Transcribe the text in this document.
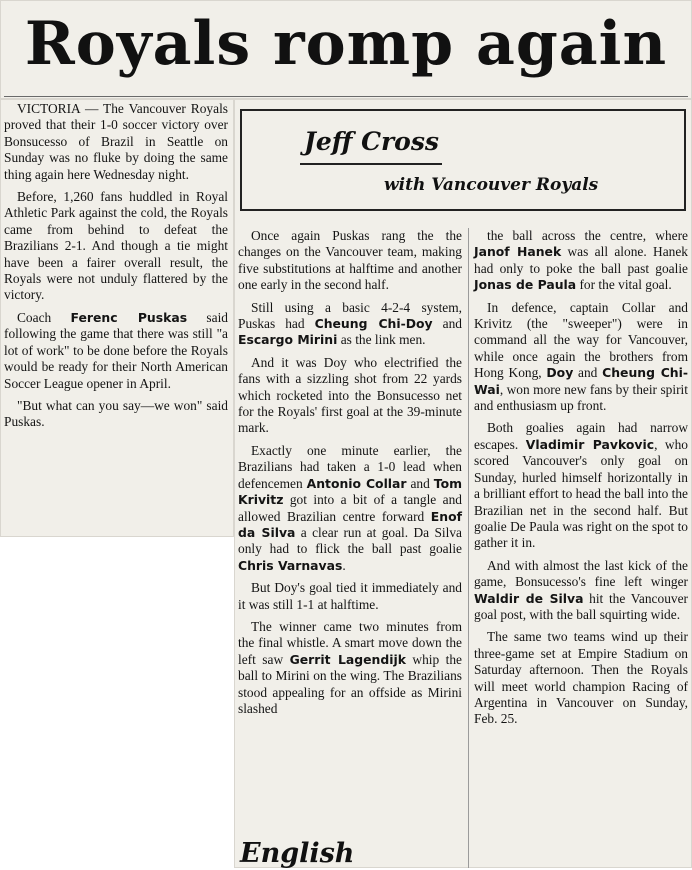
Royals romp again
Jeff Cross
with Vancouver Royals

VICTORIA — The Vancouver Royals proved that their 1-0 soccer victory over Bonsucesso of Brazil in Seattle on Sunday was no fluke by doing the same thing again here Wednesday night.

Before, 1,260 fans huddled in Royal Athletic Park against the cold, the Royals came from behind to defeat the Brazilians 2-1. And though a tie might have been a fairer overall result, the Royals were not unduly flattered by the victory.

Coach Ferenc Puskas said following the game that there was still "a lot of work" to be done before the Royals would be ready for their North American Soccer League opener in April.

"But what can you say—we won" said Puskas.

Once again Puskas rang the the changes on the Vancouver team, making five substitutions at halftime and another one early in the second half.

Still using a basic 4-2-4 system, Puskas had Cheung Chi-Doy and Escargo Mirini as the link men.

And it was Doy who electrified the fans with a sizzling shot from 22 yards which rocketed into the Bonsucesso net for the Royals' first goal at the 39-minute mark.

Exactly one minute earlier, the Brazilians had taken a 1-0 lead when defencemen Antonio Collar and Tom Krivitz got into a bit of a tangle and allowed Brazilian centre forward Enof da Silva a clear run at goal. Da Silva only had to flick the ball past goalie Chris Varnavas.

But Doy's goal tied it immediately and it was still 1-1 at halftime.

The winner came two minutes from the final whistle. A smart move down the left saw Gerrit Lagendijk whip the ball to Mirini on the wing. The Brazilians stood appealing for an offside as Mirini slashed

the ball across the centre, where Janof Hanek was all alone. Hanek had only to poke the ball past goalie Jonas de Paula for the vital goal.

In defence, captain Collar and Krivitz (the "sweeper") were in command all the way for Vancouver, while once again the brothers from Hong Kong, Doy and Cheung Chi-Wai, won more new fans by their spirit and enthusiasm up front.

Both goalies again had narrow escapes. Vladimir Pavkovic, who scored Vancouver's only goal on Sunday, hurled himself horizontally in a brilliant effort to head the ball into the Brazilian net in the second half. But goalie De Paula was right on the spot to gather it in.

And with almost the last kick of the game, Bonsucesso's fine left winger Waldir de Silva hit the Vancouver goal post, with the ball squirting wide.

The same two teams wind up their three-game set at Empire Stadium on Saturday afternoon. Then the Royals will meet world champion Racing of Argentina in Vancouver on Sunday, Feb. 25.

English
